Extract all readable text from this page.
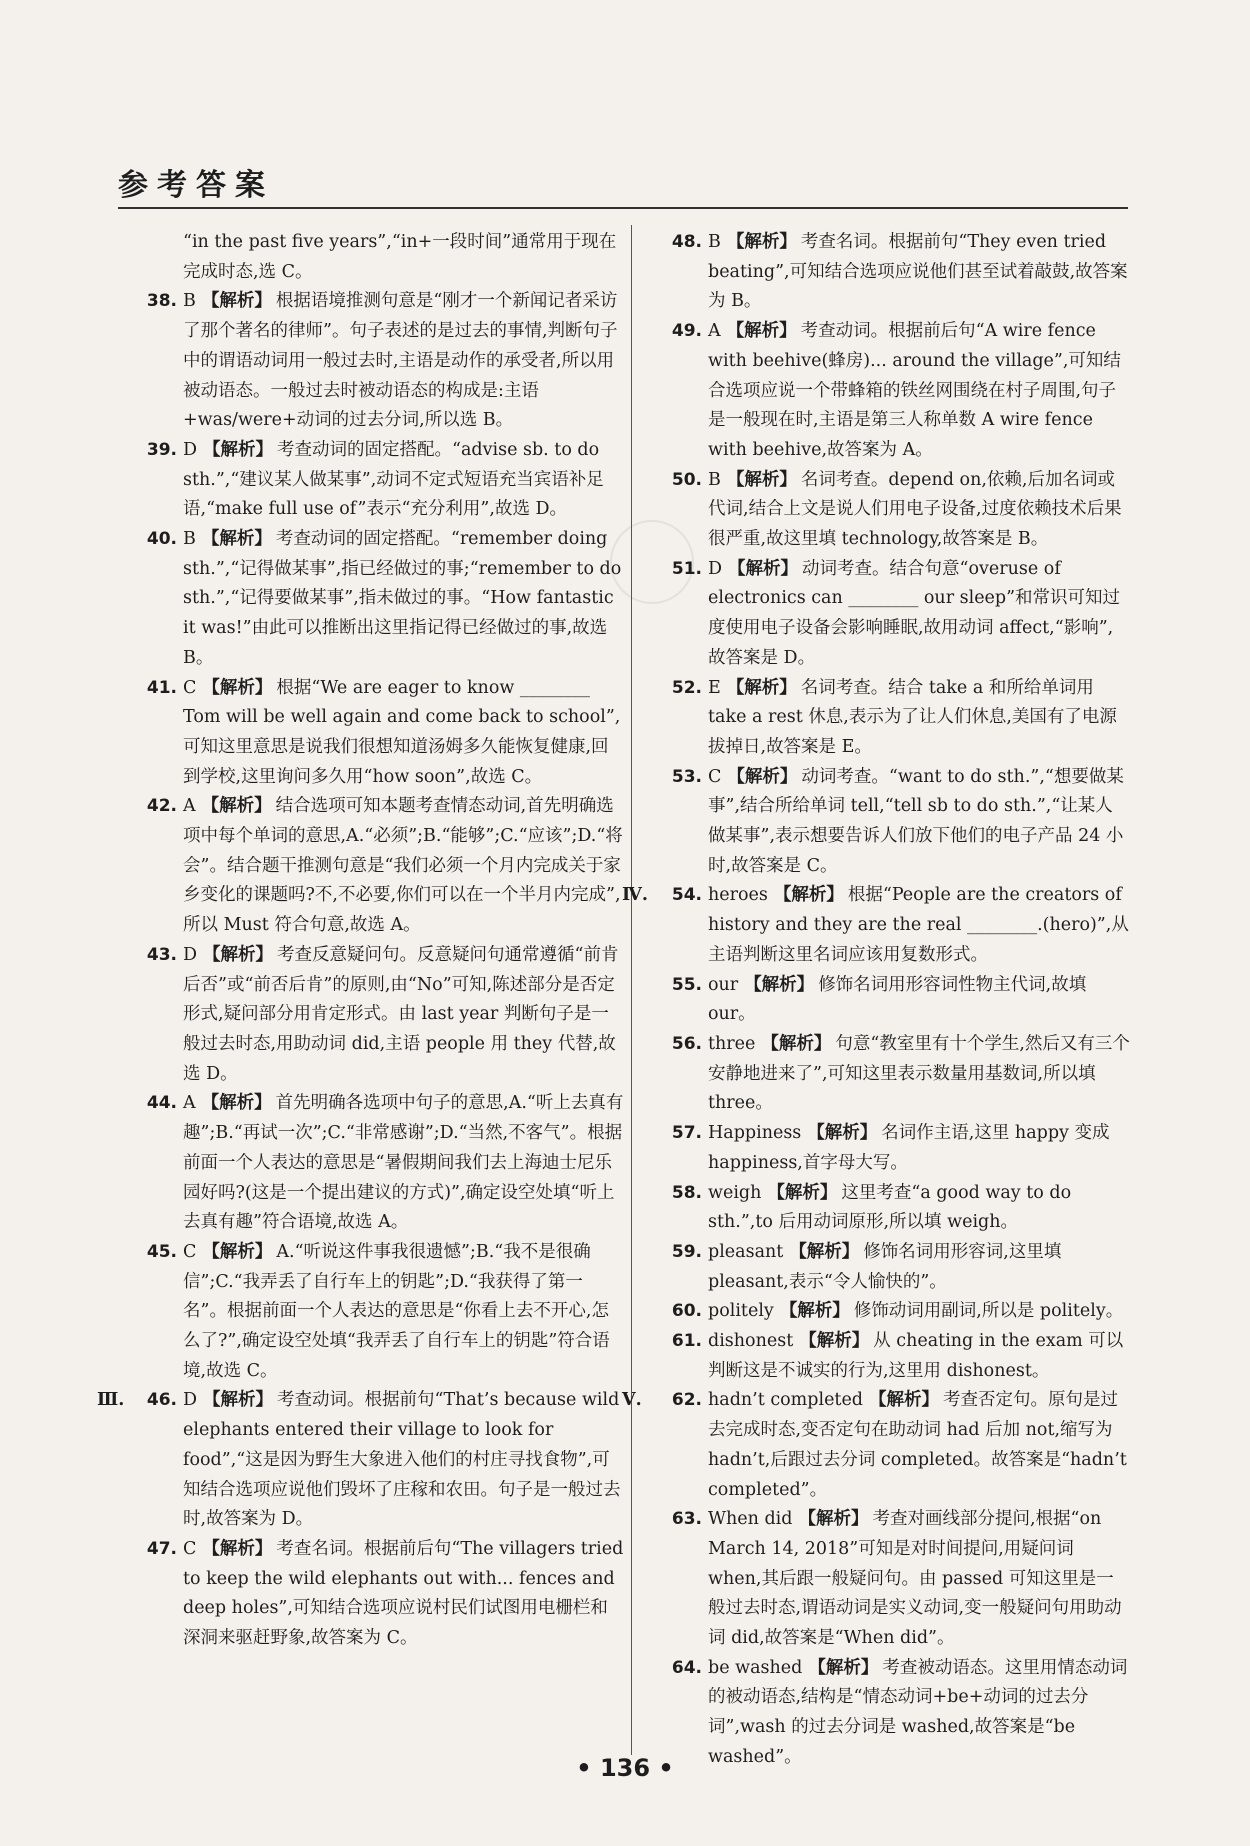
参考答案

“in the past five years”,“in+一段时间”通常用于现在完成时态,选 C。

38. B 【解析】 根据语境推测句意是“刚才一个新闻记者采访了那个著名的律师”。句子表述的是过去的事情,判断句子中的谓语动词用一般过去时,主语是动作的承受者,所以用被动语态。一般过去时被动语态的构成是:主语+was/were+动词的过去分词,所以选 B。

39. D 【解析】 考查动词的固定搭配。“advise sb. to do sth.”,“建议某人做某事”,动词不定式短语充当宾语补足语,“make full use of”表示“充分利用”,故选 D。

40. B 【解析】 考查动词的固定搭配。“remember doing sth.”,“记得做某事”,指已经做过的事;“remember to do sth.”,“记得要做某事”,指未做过的事。“How fantastic it was!”由此可以推断出这里指记得已经做过的事,故选 B。

41. C 【解析】 根据“We are eager to know ________ Tom will be well again and come back to school”,可知这里意思是说我们很想知道汤姆多久能恢复健康,回到学校,这里询问多久用“how soon”,故选 C。

42. A 【解析】 结合选项可知本题考查情态动词,首先明确选项中每个单词的意思,A.“必须”;B.“能够”;C.“应该”;D.“将会”。结合题干推测句意是“我们必须一个月内完成关于家乡变化的课题吗?不,不必要,你们可以在一个半月内完成”,所以 Must 符合句意,故选 A。

43. D 【解析】 考查反意疑问句。反意疑问句通常遵循“前肯后否”或“前否后肯”的原则,由“No”可知,陈述部分是否定形式,疑问部分用肯定形式。由 last year 判断句子是一般过去时态,用助动词 did,主语 people 用 they 代替,故选 D。

44. A 【解析】 首先明确各选项中句子的意思,A.“听上去真有趣”;B.“再试一次”;C.“非常感谢”;D.“当然,不客气”。根据前面一个人表达的意思是“暑假期间我们去上海迪士尼乐园好吗?(这是一个提出建议的方式)”,确定设空处填“听上去真有趣”符合语境,故选 A。

45. C 【解析】 A.“听说这件事我很遗憾”;B.“我不是很确信”;C.“我弄丢了自行车上的钥匙”;D.“我获得了第一名”。根据前面一个人表达的意思是“你看上去不开心,怎么了?”,确定设空处填“我弄丢了自行车上的钥匙”符合语境,故选 C。

Ⅲ.	46. D 【解析】 考查动词。根据前句“That’s because wild elephants entered their village to look for food”,“这是因为野生大象进入他们的村庄寻找食物”,可知结合选项应说他们毁坏了庄稼和农田。句子是一般过去时,故答案为 D。

47. C 【解析】 考查名词。根据前后句“The villagers tried to keep the wild elephants out with... fences and deep holes”,可知结合选项应说村民们试图用电栅栏和深洞来驱赶野象,故答案为 C。

48. B 【解析】 考查名词。根据前句“They even tried beating”,可知结合选项应说他们甚至试着敲鼓,故答案为 B。

49. A 【解析】 考查动词。根据前后句“A wire fence with beehive(蜂房)... around the village”,可知结合选项应说一个带蜂箱的铁丝网围绕在村子周围,句子是一般现在时,主语是第三人称单数 A wire fence with beehive,故答案为 A。

50. B 【解析】 名词考查。depend on,依赖,后加名词或代词,结合上文是说人们用电子设备,过度依赖技术后果很严重,故这里填 technology,故答案是 B。

51. D 【解析】 动词考查。结合句意“overuse of electronics can ________ our sleep”和常识可知过度使用电子设备会影响睡眠,故用动词 affect,“影响”,故答案是 D。

52. E 【解析】 名词考查。结合 take a 和所给单词用 take a rest 休息,表示为了让人们休息,美国有了电源拔掉日,故答案是 E。

53. C 【解析】 动词考查。“want to do sth.”,“想要做某事”,结合所给单词 tell,“tell sb to do sth.”,“让某人做某事”,表示想要告诉人们放下他们的电子产品 24 小时,故答案是 C。

Ⅳ.	54. heroes 【解析】 根据“People are the creators of history and they are the real ________.(hero)”,从主语判断这里名词应该用复数形式。

55. our 【解析】 修饰名词用形容词性物主代词,故填 our。

56. three 【解析】 句意“教室里有十个学生,然后又有三个安静地进来了”,可知这里表示数量用基数词,所以填 three。

57. Happiness 【解析】 名词作主语,这里 happy 变成 happiness,首字母大写。

58. weigh 【解析】 这里考查“a good way to do sth.”,to 后用动词原形,所以填 weigh。

59. pleasant 【解析】 修饰名词用形容词,这里填 pleasant,表示“令人愉快的”。

60. politely 【解析】 修饰动词用副词,所以是 politely。

61. dishonest 【解析】 从 cheating in the exam 可以判断这是不诚实的行为,这里用 dishonest。

Ⅴ.	62. hadn’t completed 【解析】 考查否定句。原句是过去完成时态,变否定句在助动词 had 后加 not,缩写为 hadn’t,后跟过去分词 completed。故答案是“hadn’t completed”。

63. When did 【解析】 考查对画线部分提问,根据“on March 14, 2018”可知是对时间提问,用疑问词 when,其后跟一般疑问句。由 passed 可知这里是一般过去时态,谓语动词是实义动词,变一般疑问句用助动词 did,故答案是“When did”。

64. be washed 【解析】 考查被动语态。这里用情态动词的被动语态,结构是“情态动词+be+动词的过去分词”,wash 的过去分词是 washed,故答案是“be washed”。

• 136 •
